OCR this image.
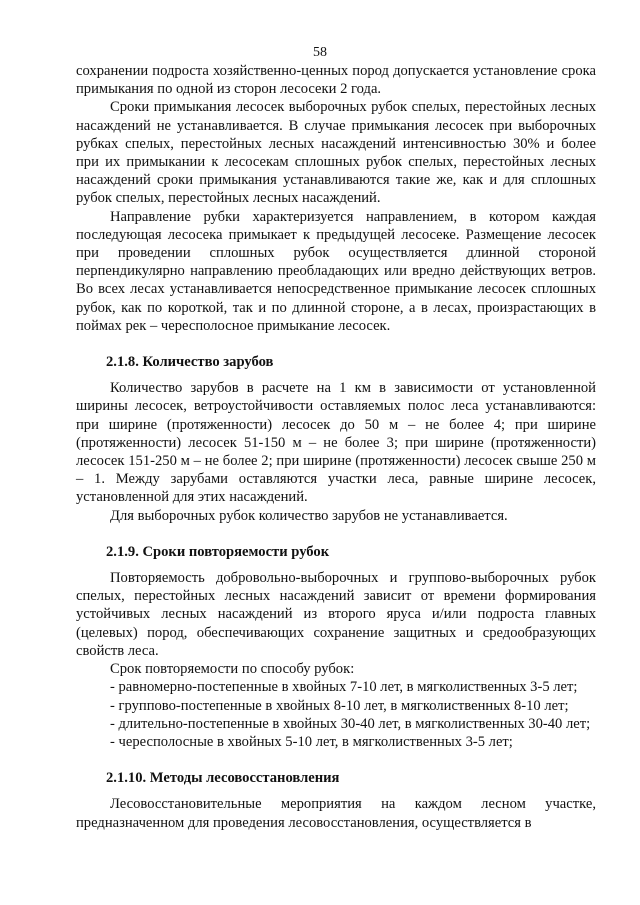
58

сохранении подроста хозяйственно-ценных пород допускается установление срока примыкания по одной из сторон лесосеки 2 года.

Сроки примыкания лесосек выборочных рубок спелых, перестойных лесных насаждений не устанавливается. В случае примыкания лесосек при выборочных рубках спелых, перестойных лесных насаждений интенсивностью 30% и более при их примыкании к лесосекам сплошных рубок спелых, перестойных лесных насаждений сроки примыкания устанавливаются такие же, как и для сплошных рубок спелых, перестойных лесных насаждений.

Направление рубки характеризуется направлением, в котором каждая последующая лесосека примыкает к предыдущей лесосеке. Размещение лесосек при проведении сплошных рубок осуществляется длинной стороной перпендикулярно направлению преобладающих или вредно действующих ветров. Во всех лесах устанавливается непосредственное примыкание лесосек сплошных рубок, как по короткой, так и по длинной стороне, а в лесах, произрастающих в поймах рек – чересполосное примыкание лесосек.

2.1.8. Количество зарубов

Количество зарубов в расчете на 1 км в зависимости от установленной ширины лесосек, ветроустойчивости оставляемых полос леса устанавливаются: при ширине (протяженности) лесосек до 50 м – не более 4; при ширине (протяженности) лесосек 51-150 м – не более 3; при ширине (протяженности) лесосек 151-250 м – не более 2; при ширине (протяженности) лесосек свыше 250 м – 1. Между зарубами оставляются участки леса, равные ширине лесосек, установленной для этих насаждений.

Для выборочных рубок количество зарубов не устанавливается.

2.1.9. Сроки повторяемости рубок

Повторяемость добровольно-выборочных и группово-выборочных рубок спелых, перестойных лесных насаждений зависит от времени формирования устойчивых лесных насаждений из второго яруса и/или подроста главных (целевых) пород, обеспечивающих сохранение защитных и средообразующих свойств леса.

Срок повторяемости по способу рубок:

- равномерно-постепенные в хвойных 7-10 лет, в мягколиственных 3-5 лет;

- группово-постепенные в хвойных 8-10 лет, в мягколиственных 8-10 лет;

- длительно-постепенные в хвойных 30-40 лет, в мягколиственных 30-40 лет;

- чересполосные в хвойных 5-10 лет, в мягколиственных 3-5 лет;

2.1.10. Методы лесовосстановления

Лесовосстановительные мероприятия на каждом лесном участке, предназначенном для проведения лесовосстановления, осуществляется в
